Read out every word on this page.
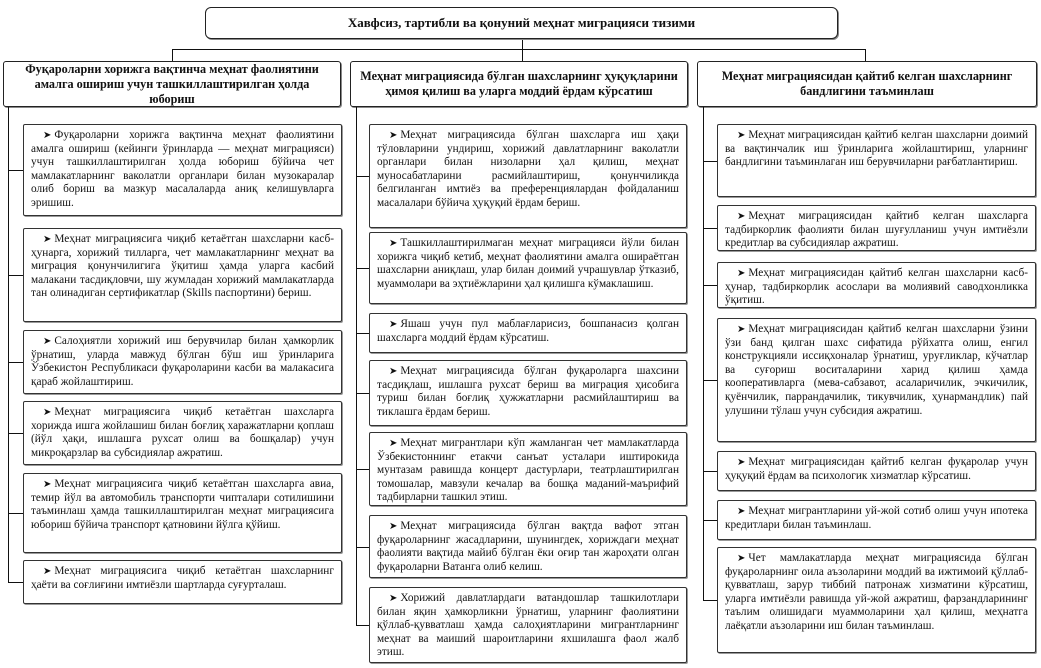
Хавфсиз, тартибли ва қонуний меҳнат миграцияси тизими
Фуқароларни хорижга вақтинча меҳнат фаолиятини амалга ошириш учун ташкиллаштирилган ҳолда юбориш
Меҳнат миграциясида бўлган шахсларнинг ҳуқуқларини ҳимоя қилиш ва уларга моддий ёрдам кўрсатиш
Меҳнат миграциясидан қайтиб келган шахсларнинг бандлигини таъминлаш
➤ Фуқароларни хорижга вақтинча меҳнат фаолиятини амалга ошириш (кейинги ўринларда — меҳнат миграцияси) учун ташкиллаштирилган ҳолда юбориш бўйича чет мамлакатларнинг ваколатли органлари билан музокаралар олиб бориш ва мазкур масалаларда аниқ келишувларга эришиш.
➤ Меҳнат миграциясига чиқиб кетаётган шахсларни касб-ҳунарга, хорижий тилларга, чет мамлакатларнинг меҳнат ва миграция қонунчилигига ўқитиш ҳамда уларга касбий малакани тасдиқловчи, шу жумладан хорижий мамлакатларда тан олинадиган сертификатлар (Skills паспортини) бериш.
➤ Салоҳиятли хорижий иш берувчилар билан ҳамкорлик ўрнатиш, уларда мавжуд бўлган бўш иш ўринларига Ўзбекистон Республикаси фуқароларини касби ва малакасига қараб жойлаштириш.
➤ Меҳнат миграциясига чиқиб кетаётган шахсларга хорижда ишга жойлашиш билан боғлиқ харажатларни қоплаш (йўл ҳақи, ишлашга рухсат олиш ва бошқалар) учун микроқарзлар ва субсидиялар ажратиш.
➤ Меҳнат миграциясига чиқиб кетаётган шахсларга авиа, темир йўл ва автомобиль транспорти чипталари сотилишини таъминлаш ҳамда ташкиллаштирилган меҳнат миграциясига юбориш бўйича транспорт қатновини йўлга қўйиш.
➤ Меҳнат миграциясига чиқиб кетаётган шахсларнинг ҳаёти ва соғлиғини имтиёзли шартларда суғурталаш.
➤ Меҳнат миграциясида бўлган шахсларга иш ҳақи тўловларини ундириш, хорижий давлатларнинг ваколатли органлари билан низоларни ҳал қилиш, меҳнат муносабатларини расмийлаштириш, қонунчиликда белгиланган имтиёз ва преференциялардан фойдаланиш масалалари бўйича ҳуқуқий ёрдам бериш.
➤ Ташкиллаштирилмаган меҳнат миграцияси йўли билан хорижга чиқиб кетиб, меҳнат фаолиятини амалга ошираётган шахсларни аниқлаш, улар билан доимий учрашувлар ўтказиб, муаммолари ва эҳтиёжларини ҳал қилишга кўмаклашиш.
➤ Яшаш учун пул маблағларисиз, бошпанасиз қолган шахсларга моддий ёрдам кўрсатиш.
➤ Меҳнат миграциясида бўлган фуқароларга шахсини тасдиқлаш, ишлашга рухсат бериш ва миграция ҳисобига туриш билан боғлиқ ҳужжатларни расмийлаштириш ва тиклашга ёрдам бериш.
➤ Меҳнат мигрантлари кўп жамланган чет мамлакатларда Ўзбекистоннинг етакчи санъат усталари иштирокида мунтазам равишда концерт дастурлари, театрлаштирилган томошалар, мавзули кечалар ва бошқа маданий-маърифий тадбирларни ташкил этиш.
➤ Меҳнат миграциясида бўлган вақтда вафот этган фуқароларнинг жасадларини, шунингдек, хориждаги меҳнат фаолияти вақтида майиб бўлган ёки оғир тан жароҳати олган фуқароларни Ватанга олиб келиш.
➤ Хорижий давлатлардаги ватандошлар ташкилотлари билан яқин ҳамкорликни ўрнатиш, уларнинг фаолиятини қўллаб-қувватлаш ҳамда салоҳиятларини мигрантларнинг меҳнат ва маиший шароитларини яхшилашга фаол жалб этиш.
➤ Меҳнат миграциясидан қайтиб келган шахсларни доимий ва вақтинчалик иш ўринларига жойлаштириш, уларнинг бандлигини таъминлаган иш берувчиларни рағбатлантириш.
➤ Меҳнат миграциясидан қайтиб келган шахсларга тадбиркорлик фаолияти билан шуғулланиш учун имтиёзли кредитлар ва субсидиялар ажратиш.
➤ Меҳнат миграциясидан қайтиб келган шахсларни касб-ҳунар, тадбиркорлик асослари ва молиявий саводхонликка ўқитиш.
➤ Меҳнат миграциясидан қайтиб келган шахсларни ўзини ўзи банд қилган шахс сифатида рўйхатга олиш, енгил конструкцияли иссиқхоналар ўрнатиш, уруғликлар, кўчатлар ва суғориш воситаларини харид қилиш ҳамда кооперативларга (мева-сабзавот, асаларичилик, эчкичилик, қуёнчилик, паррандачилик, тикувчилик, ҳунармандлик) пай улушини тўлаш учун субсидия ажратиш.
➤ Меҳнат миграциясидан қайтиб келган фуқаролар учун ҳуқуқий ёрдам ва психологик хизматлар кўрсатиш.
➤ Меҳнат мигрантларини уй-жой сотиб олиш учун ипотека кредитлари билан таъминлаш.
➤ Чет мамлакатларда меҳнат миграциясида бўлган фуқароларнинг оила аъзоларини моддий ва ижтимоий қўллаб-қувватлаш, зарур тиббий патронаж хизматини кўрсатиш, уларга имтиёзли равишда уй-жой ажратиш, фарзандларининг таълим олишидаги муаммоларини ҳал қилиш, меҳнатга лаёқатли аъзоларини иш билан таъминлаш.
